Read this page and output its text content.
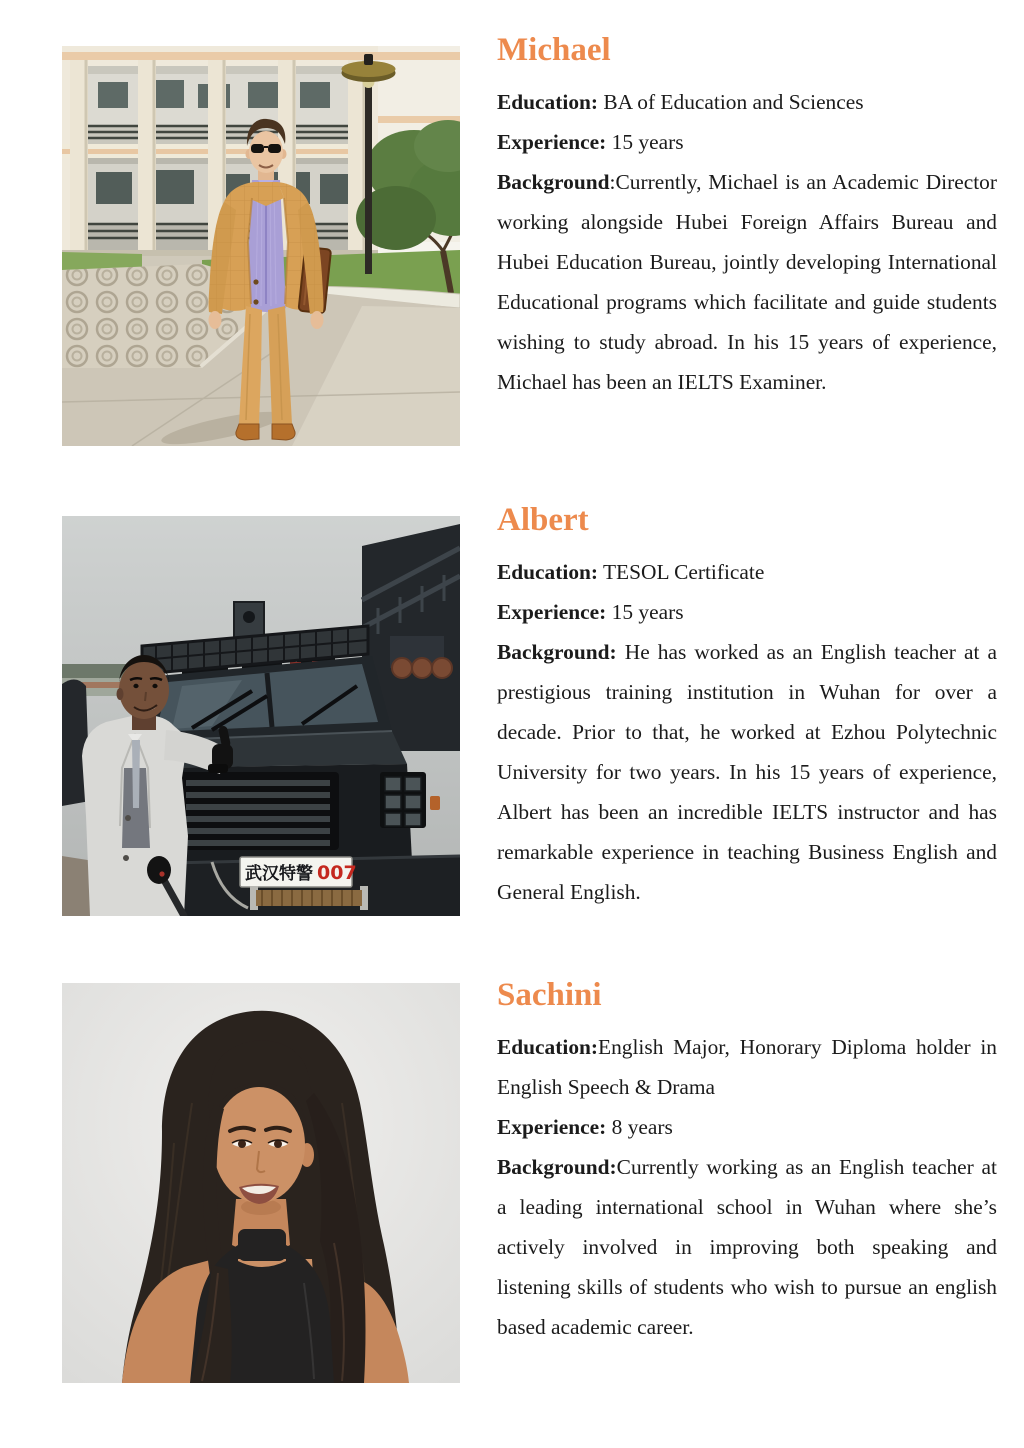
Michael

Education: BA of Education and Sciences

Experience: 15 years

Background:Currently, Michael is an Academic Director working alongside Hubei Foreign Affairs Bureau and Hubei Education Bureau, jointly developing International Educational programs which facilitate and guide students wishing to study abroad. In his 15 years of experience, Michael has been an IELTS Examiner.

武汉特警 007
Albert

Education: TESOL Certificate

Experience: 15 years

Background: He has worked as an English teacher at a prestigious training institution in Wuhan for over a decade. Prior to that, he worked at Ezhou Polytechnic University for two years. In his 15 years of experience, Albert has been an incredible IELTS instructor and has remarkable experience in teaching Business English and General English.

Sachini

Education:English Major, Honorary Diploma holder in English Speech & Drama

Experience: 8 years

Background:Currently working as an English teacher at a leading international school in Wuhan where she’s actively involved in improving both speaking and listening skills of students who wish to pursue an english based academic career.
